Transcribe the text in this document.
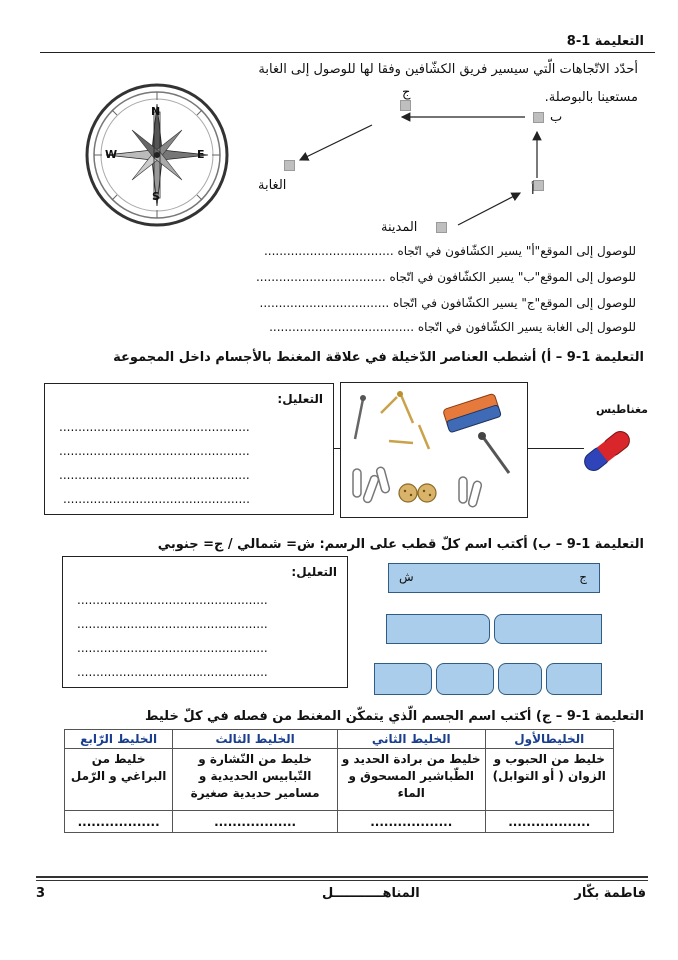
التعليمة 1-8
أحدّد الاتّجاهات الّتي سيسير فريق الكشّافين وفقا لها للوصول إلى الغابة
مستعينا بالبوصلة.
N
S
E
W
ج
ب
أ
الغابة
المدينة
للوصول إلى الموقع"أ" يسير الكشّافون في اتّجاه ..................................
للوصول إلى الموقع"ب" يسير الكشّافون في اتّجاه ..................................
للوصول إلى الموقع"ج" يسير الكشّافون في اتّجاه ..................................
للوصول إلى الغابة يسير الكشّافون في اتّجاه ......................................
التعليمة 1-9 – أ) أشطب العناصر الدّخيلة في علاقة المغنط بالأجسام داخل المجموعة
التعليل:
..................................................
..................................................
..................................................
.................................................
مغناطيس
التعليمة 1-9 – ب) أكتب اسم كلّ قطب على الرسم: ش= شمالي / ج= جنوبي
التعليل:
..................................................
..................................................
..................................................
..................................................
ش	ج
التعليمة 1-9 – ج) أكتب اسم الجسم الّذي يتمكّن المغنط من فصله في كلّ خليط
الخليطالأول	الخليط الثاني	الخليط الثالث	الخليط الرّابع
خليط من الحبوب و الزوان ( أو التوابل)	خليط من برادة الحديد و الطّباشير المسحوق و الماء	خليط من النّشارة و التّبابيس الحديدية و مسامير حديدية صغيرة	خليط من البراغي و الرّمل
..................	..................	..................	..................
فاطمة بكّار
المناهـــــــــــل
3
